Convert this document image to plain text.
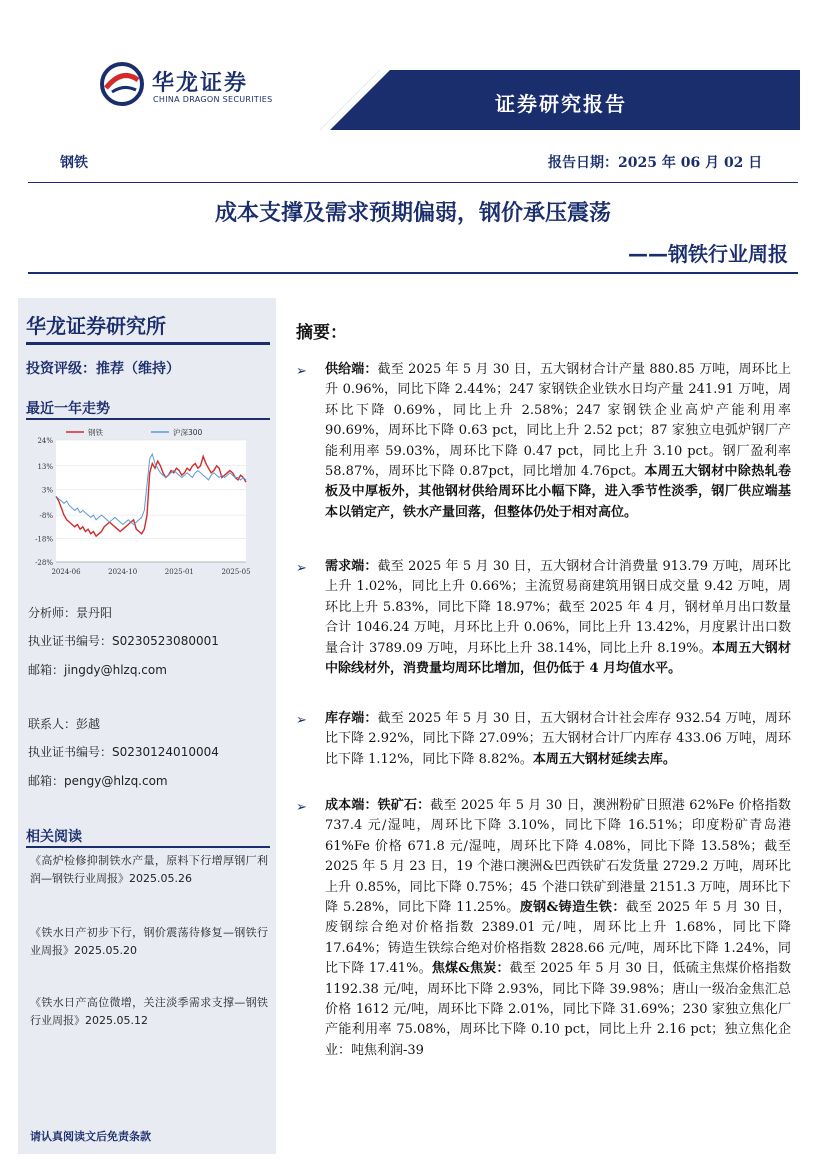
华龙证券
CHINA DRAGON SECURITIES	证券研究报告
钢铁	报告日期：2025 年 06 月 02 日
成本支撑及需求预期偏弱，钢价承压震荡
——钢铁行业周报
华龙证券研究所
投资评级：推荐（维持）
最近一年走势
24%
13%
3%
-8%
-18%
-28%
2024-06	2024-10	2025-01	2025-05
钢铁	沪深300
分析师：景丹阳
执业证书编号：S0230523080001
邮箱：jingdy@hlzq.com
联系人：彭越
执业证书编号：S0230124010004
邮箱：pengy@hlzq.com
相关阅读
《高炉检修抑制铁水产量，原料下行增厚钢厂利润—钢铁行业周报》2025.05.26
《铁水日产初步下行，钢价震荡待修复—钢铁行业周报》2025.05.20
《铁水日产高位微增，关注淡季需求支撑—钢铁行业周报》2025.05.12
请认真阅读文后免责条款
摘要：
➢ 供给端：截至 2025 年 5 月 30 日，五大钢材合计产量 880.85 万吨，周环比上升 0.96%，同比下降 2.44%；247 家钢铁企业铁水日均产量 241.91 万吨，周环比下降 0.69%，同比上升 2.58%；247 家钢铁企业高炉产能利用率 90.69%，周环比下降 0.63 pct，同比上升 2.52 pct；87 家独立电弧炉钢厂产能利用率 59.03%，周环比下降 0.47 pct，同比上升 3.10 pct。钢厂盈利率 58.87%，周环比下降 0.87pct，同比增加 4.76pct。本周五大钢材中除热轧卷板及中厚板外，其他钢材供给周环比小幅下降，进入季节性淡季，钢厂供应端基本以销定产，铁水产量回落，但整体仍处于相对高位。
➢ 需求端：截至 2025 年 5 月 30 日，五大钢材合计消费量 913.79 万吨，周环比上升 1.02%，同比上升 0.66%；主流贸易商建筑用钢日成交量 9.42 万吨，周环比上升 5.83%，同比下降 18.97%；截至 2025 年 4 月，钢材单月出口数量合计 1046.24 万吨，月环比上升 0.06%，同比上升 13.42%，月度累计出口数量合计 3789.09 万吨，月环比上升 38.14%，同比上升 8.19%。本周五大钢材中除线材外，消费量均周环比增加，但仍低于 4 月均值水平。
➢ 库存端：截至 2025 年 5 月 30 日，五大钢材合计社会库存 932.54 万吨，周环比下降 2.92%，同比下降 27.09%；五大钢材合计厂内库存 433.06 万吨，周环比下降 1.12%，同比下降 8.82%。本周五大钢材延续去库。
➢ 成本端：铁矿石：截至 2025 年 5 月 30 日，澳洲粉矿日照港 62%Fe 价格指数 737.4 元/湿吨，周环比下降 3.10%，同比下降 16.51%；印度粉矿青岛港 61%Fe 价格 671.8 元/湿吨，周环比下降 4.08%，同比下降 13.58%；截至 2025 年 5 月 23 日，19 个港口澳洲&巴西铁矿石发货量 2729.2 万吨，周环比上升 0.85%，同比下降 0.75%；45 个港口铁矿到港量 2151.3 万吨，周环比下降 5.28%，同比下降 11.25%。废钢&铸造生铁：截至 2025 年 5 月 30 日，废钢综合绝对价格指数 2389.01 元/吨，周环比上升 1.68%，同比下降 17.64%；铸造生铁综合绝对价格指数 2828.66 元/吨，周环比下降 1.24%，同比下降 17.41%。焦煤&焦炭：截至 2025 年 5 月 30 日，低硫主焦煤价格指数 1192.38 元/吨，周环比下降 2.93%，同比下降 39.98%；唐山一级冶金焦汇总价格 1612 元/吨，周环比下降 2.01%，同比下降 31.69%；230 家独立焦化厂产能利用率 75.08%，周环比下降 0.10 pct，同比上升 2.16 pct；独立焦化企业：吨焦利润-39
